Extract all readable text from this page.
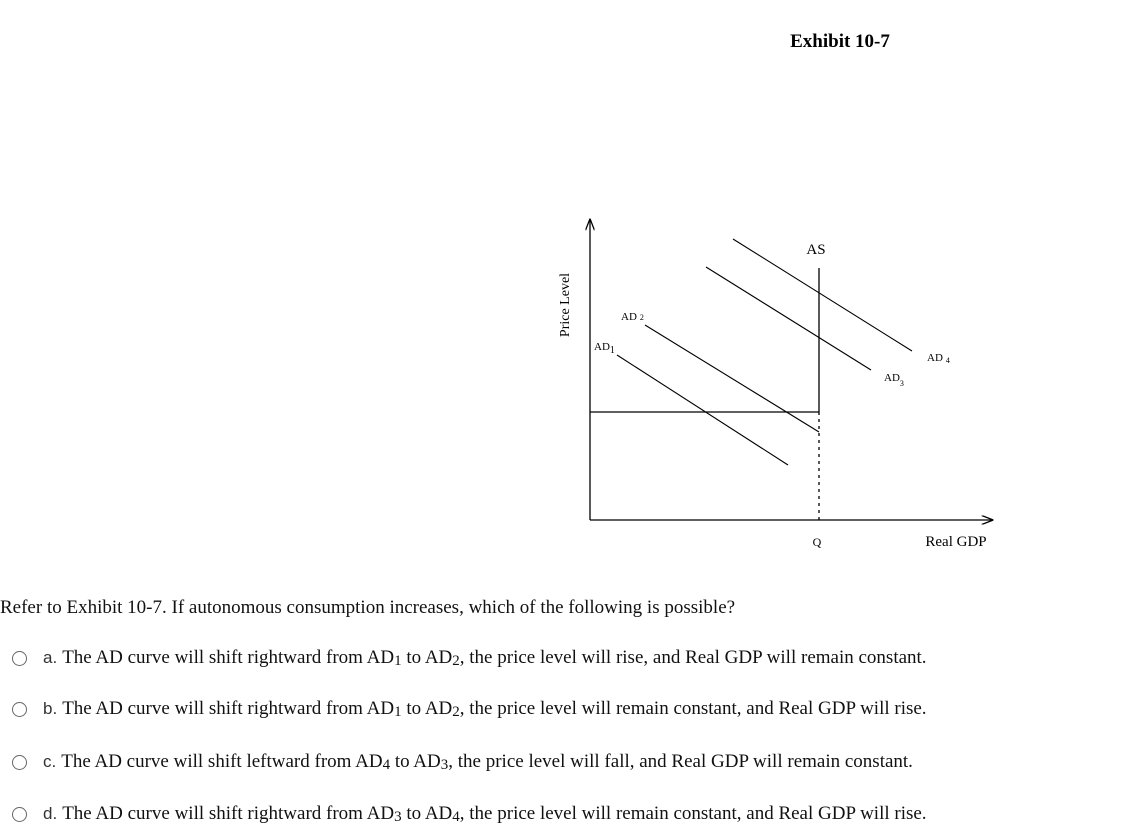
Exhibit 10-7
Price Level
AS
AD1
AD 2
$AD_3$
AD 4
Q	Real GDP
Refer to Exhibit 10-7. If autonomous consumption increases, which of the following is possible?
a. The AD curve will shift rightward from $AD_1$ to $AD_2$, the price level will rise, and Real GDP will remain constant.
b. The AD curve will shift rightward from $AD_1$ to $AD_2$, the price level will remain constant, and Real GDP will rise.
c. The AD curve will shift leftward from $AD_4$ to $AD_3$, the price level will fall, and Real GDP will remain constant.
d. The AD curve will shift rightward from $AD_3$ to $AD_4$, the price level will remain constant, and Real GDP will rise.
